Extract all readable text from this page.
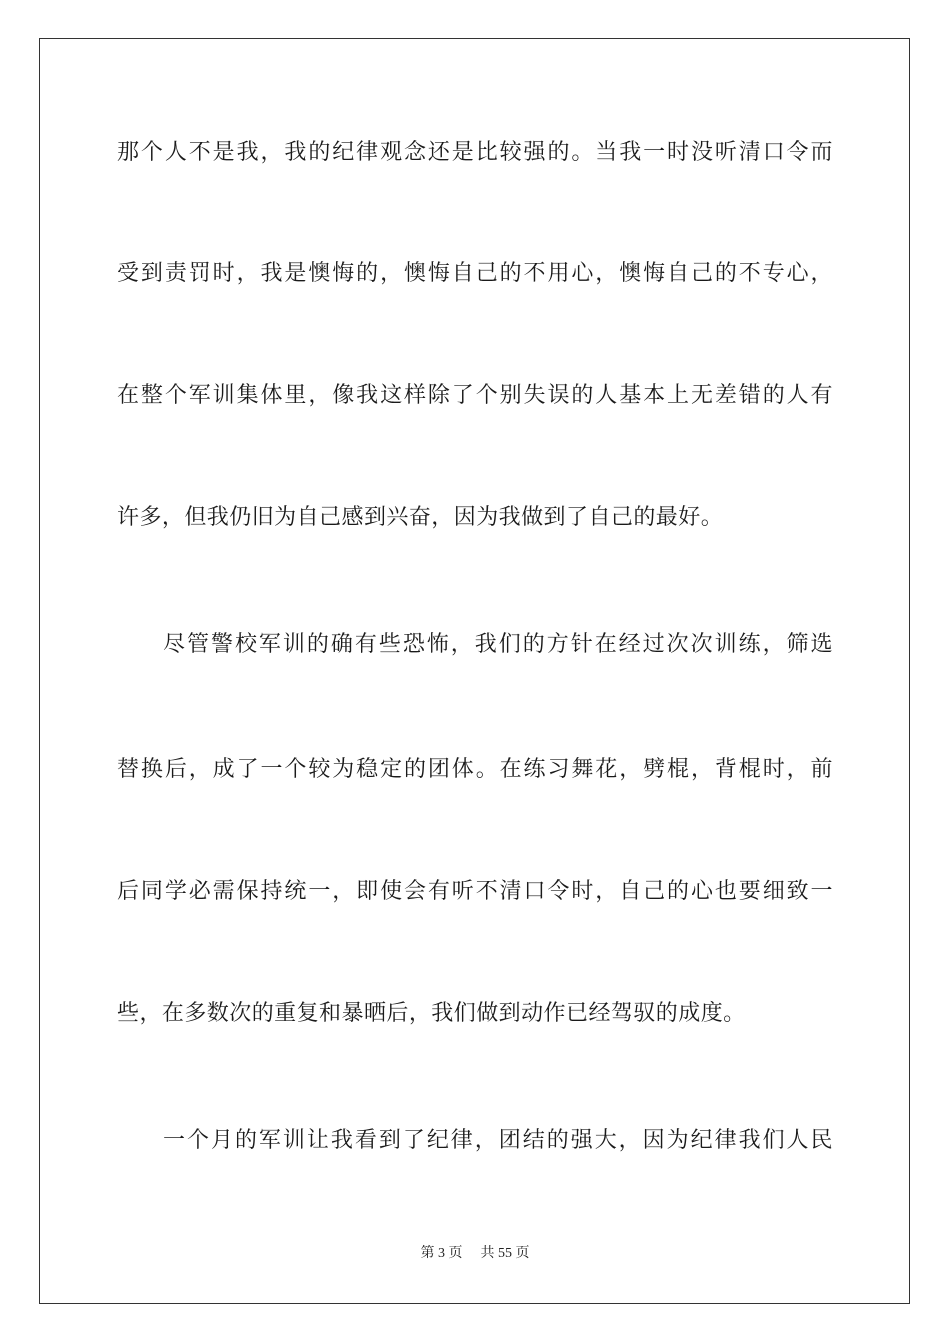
那个人不是我，我的纪律观念还是比较强的。当我一时没听清口令而
受到责罚时，我是懊悔的，懊悔自己的不用心，懊悔自己的不专心，
在整个军训集体里，像我这样除了个别失误的人基本上无差错的人有
许多，但我仍旧为自己感到兴奋，因为我做到了自己的最好。
尽管警校军训的确有些恐怖，我们的方针在经过次次训练，筛选
替换后，成了一个较为稳定的团体。在练习舞花，劈棍，背棍时，前
后同学必需保持统一，即使会有听不清口令时，自己的心也要细致一
些，在多数次的重复和暴晒后，我们做到动作已经驾驭的成度。
一个月的军训让我看到了纪律，团结的强大，因为纪律我们人民
第 3 页 共 55 页
